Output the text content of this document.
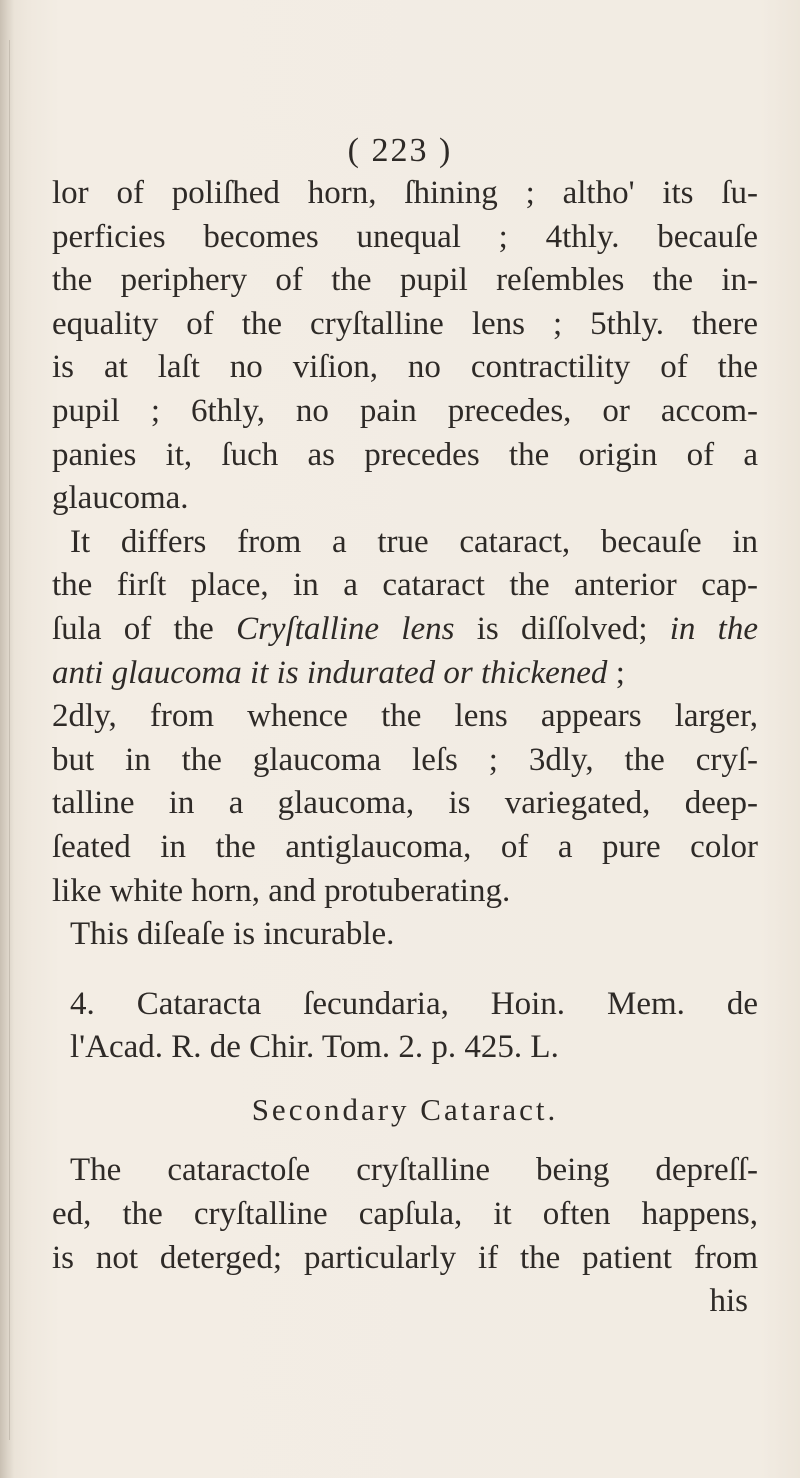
( 223 )
lor of poliſhed horn, ſhining ; altho' its ſu-
perficies becomes unequal ; 4thly. becauſe
the periphery of the pupil reſembles the in-
equality of the cryſtalline lens ; 5thly. there
is at laſt no viſion, no contractility of the
pupil ; 6thly, no pain precedes, or accom-
panies it, ſuch as precedes the origin of a
glaucoma.
It differs from a true cataract, becauſe in
the firſt place, in a cataract the anterior cap-
ſula of the Cryſtalline lens is diſſolved; in the
anti glaucoma it is indurated or thickened ;
2dly, from whence the lens appears larger,
but in the glaucoma leſs ; 3dly, the cryſ-
talline in a glaucoma, is variegated, deep-
ſeated in the antiglaucoma, of a pure color
like white horn, and protuberating.
This diſeaſe is incurable.
4. Cataracta ſecundaria, Hoin. Mem. de
l'Acad. R. de Chir. Tom. 2. p. 425. L.
Secondary Cataract.
The cataractoſe cryſtalline being depreſſ-
ed, the cryſtalline capſula, it often happens,
is not deterged; particularly if the patient from
his
